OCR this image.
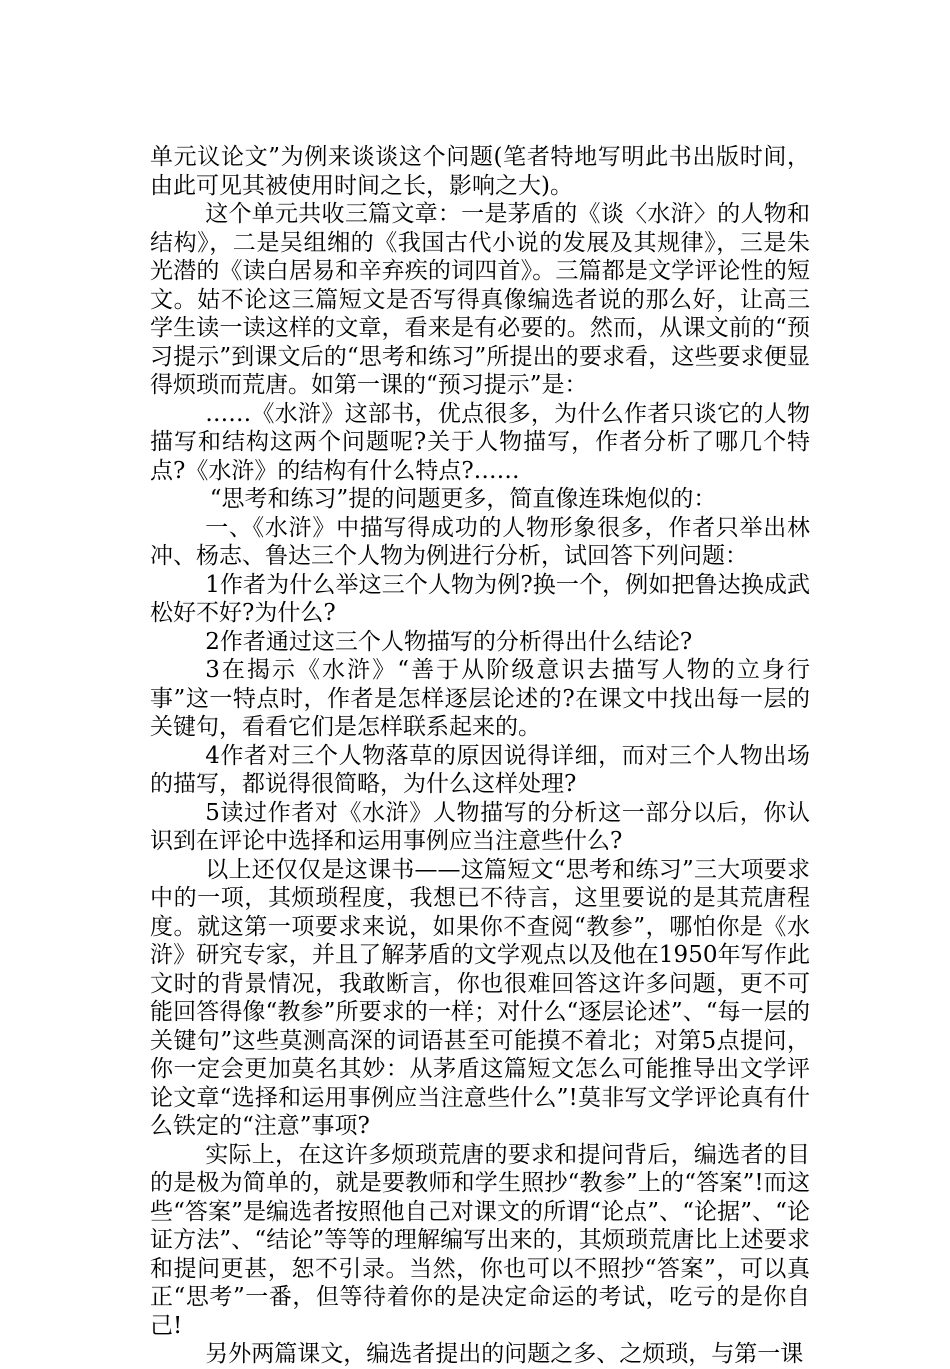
单元议论文”为例来谈谈这个问题(笔者特地写明此书出版时间，由此可见其被使用时间之长，影响之大)。

这个单元共收三篇文章：一是茅盾的《谈〈水浒〉的人物和结构》，二是吴组缃的《我国古代小说的发展及其规律》，三是朱光潜的《读白居易和辛弃疾的词四首》。三篇都是文学评论性的短文。姑不论这三篇短文是否写得真像编选者说的那么好，让高三学生读一读这样的文章，看来是有必要的。然而，从课文前的“预习提示”到课文后的“思考和练习”所提出的要求看，这些要求便显得烦琐而荒唐。如第一课的“预习提示”是：

……《水浒》这部书，优点很多，为什么作者只谈它的人物描写和结构这两个问题呢?关于人物描写，作者分析了哪几个特点?《水浒》的结构有什么特点?……

“思考和练习”提的问题更多，简直像连珠炮似的：

一、《水浒》中描写得成功的人物形象很多，作者只举出林冲、杨志、鲁达三个人物为例进行分析，试回答下列问题：

1作者为什么举这三个人物为例?换一个，例如把鲁达换成武松好不好?为什么?

2作者通过这三个人物描写的分析得出什么结论?

3在揭示《水浒》“善于从阶级意识去描写人物的立身行事”这一特点时，作者是怎样逐层论述的?在课文中找出每一层的关键句，看看它们是怎样联系起来的。

4作者对三个人物落草的原因说得详细，而对三个人物出场的描写，都说得很简略，为什么这样处理?

5读过作者对《水浒》人物描写的分析这一部分以后，你认识到在评论中选择和运用事例应当注意些什么?

以上还仅仅是这课书——这篇短文“思考和练习”三大项要求中的一项，其烦琐程度，我想已不待言，这里要说的是其荒唐程度。就这第一项要求来说，如果你不查阅“教参”，哪怕你是《水浒》研究专家，并且了解茅盾的文学观点以及他在1950年写作此文时的背景情况，我敢断言，你也很难回答这许多问题，更不可能回答得像“教参”所要求的一样；对什么“逐层论述”、“每一层的关键句”这些莫测高深的词语甚至可能摸不着北；对第5点提问，你一定会更加莫名其妙：从茅盾这篇短文怎么可能推导出文学评论文章“选择和运用事例应当注意些什么”!莫非写文学评论真有什么铁定的“注意”事项?

实际上，在这许多烦琐荒唐的要求和提问背后，编选者的目的是极为简单的，就是要教师和学生照抄“教参”上的“答案”!而这些“答案”是编选者按照他自己对课文的所谓“论点”、“论据”、“论证方法”、“结论”等等的理解编写出来的，其烦琐荒唐比上述要求和提问更甚，恕不引录。当然，你也可以不照抄“答案”，可以真正“思考”一番，但等待着你的是决定命运的考试，吃亏的是你自己!

另外两篇课文，编选者提出的问题之多、之烦琐，与第一课
